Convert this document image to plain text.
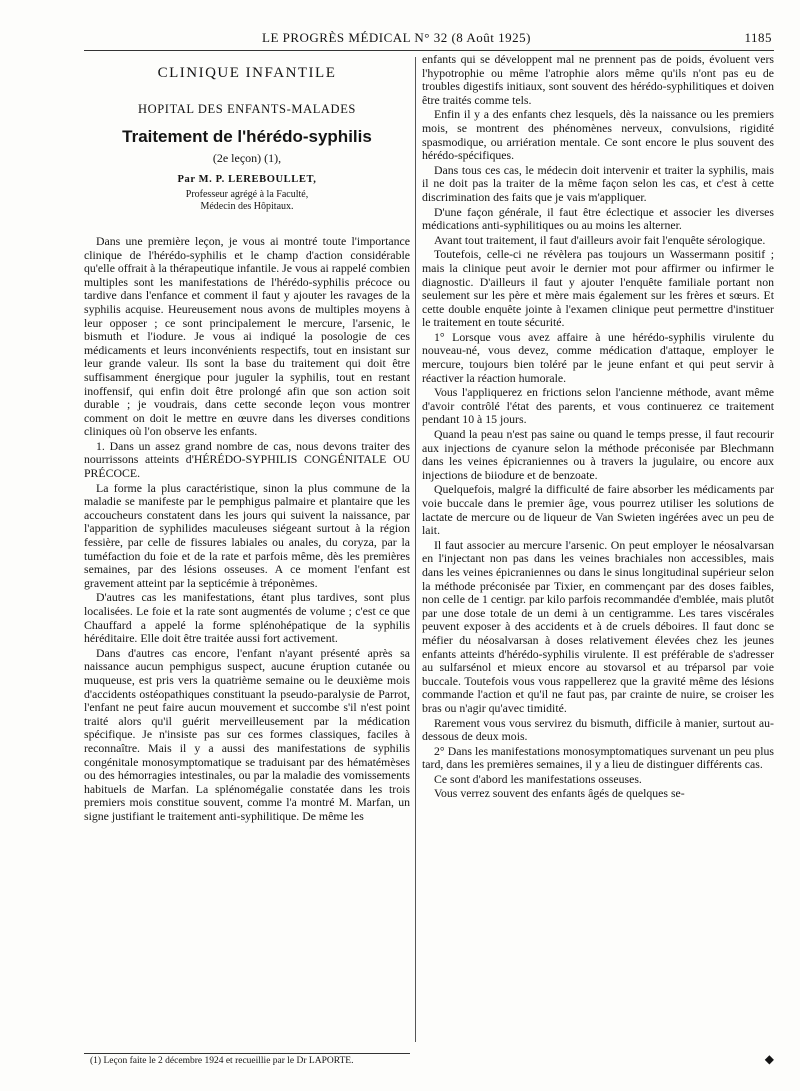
LE PROGRÈS MÉDICAL N° 32 (8 Août 1925)	1185
CLINIQUE INFANTILE
HOPITAL DES ENFANTS-MALADES
Traitement de l'hérédo-syphilis
(2e leçon) (1),
Par M. P. LEREBOULLET,
Professeur agrégé à la Faculté,
Médecin des Hôpitaux.

Dans une première leçon, je vous ai montré toute l'importance clinique de l'hérédo-syphilis et le champ d'action considérable qu'elle offrait à la thérapeutique infantile. Je vous ai rappelé combien multiples sont les manifestations de l'hérédo-syphilis précoce ou tardive dans l'enfance et comment il faut y ajouter les ravages de la syphilis acquise. Heureusement nous avons de multiples moyens à leur opposer ; ce sont principalement le mercure, l'arsenic, le bismuth et l'iodure. Je vous ai indiqué la posologie de ces médicaments et leurs inconvénients respectifs, tout en insistant sur leur grande valeur. Ils sont la base du traitement qui doit être suffisamment énergique pour juguler la syphilis, tout en restant inoffensif, qui enfin doit être prolongé afin que son action soit durable ; je voudrais, dans cette seconde leçon vous montrer comment on doit le mettre en œuvre dans les diverses conditions cliniques où l'on observe les enfants.

1. Dans un assez grand nombre de cas, nous devons traiter des nourrissons atteints d'HÉRÉDO-SYPHILIS CONGÉNITALE OU PRÉCOCE.

La forme la plus caractéristique, sinon la plus commune de la maladie se manifeste par le pemphigus palmaire et plantaire que les accoucheurs constatent dans les jours qui suivent la naissance, par l'apparition de syphilides maculeuses siégeant surtout à la région fessière, par celle de fissures labiales ou anales, du coryza, par la tuméfaction du foie et de la rate et parfois même, dès les premières semaines, par des lésions osseuses. A ce moment l'enfant est gravement atteint par la septicémie à tréponèmes.

D'autres cas les manifestations, étant plus tardives, sont plus localisées. Le foie et la rate sont augmentés de volume ; c'est ce que Chauffard a appelé la forme splénohépatique de la syphilis héréditaire. Elle doit être traitée aussi fort activement.

Dans d'autres cas encore, l'enfant n'ayant présenté après sa naissance aucun pemphigus suspect, aucune éruption cutanée ou muqueuse, est pris vers la quatrième semaine ou le deuxième mois d'accidents ostéopathiques constituant la pseudo-paralysie de Parrot, l'enfant ne peut faire aucun mouvement et succombe s'il n'est point traité alors qu'il guérit merveilleusement par la médication spécifique. Je n'insiste pas sur ces formes classiques, faciles à reconnaître. Mais il y a aussi des manifestations de syphilis congénitale monosymptomatique se traduisant par des hématémèses ou des hémorragies intestinales, ou par la maladie des vomissements habituels de Marfan. La splénomégalie constatée dans les trois premiers mois constitue souvent, comme l'a montré M. Marfan, un signe justifiant le traitement anti-syphilitique. De même les

enfants qui se développent mal ne prennent pas de poids, évoluent vers l'hypotrophie ou même l'atrophie alors même qu'ils n'ont pas eu de troubles digestifs initiaux, sont souvent des hérédo-syphilitiques et doiven être traités comme tels.

Enfin il y a des enfants chez lesquels, dès la naissance ou les premiers mois, se montrent des phénomènes nerveux, convulsions, rigidité spasmodique, ou arriération mentale. Ce sont encore le plus souvent des hérédo-spécifiques.

Dans tous ces cas, le médecin doit intervenir et traiter la syphilis, mais il ne doit pas la traiter de la même façon selon les cas, et c'est à cette discrimination des faits que je vais m'appliquer.

D'une façon générale, il faut être éclectique et associer les diverses médications anti-syphilitiques ou au moins les alterner.

Avant tout traitement, il faut d'ailleurs avoir fait l'enquête sérologique.

Toutefois, celle-ci ne révèlera pas toujours un Wassermann positif ; mais la clinique peut avoir le dernier mot pour affirmer ou infirmer le diagnostic. D'ailleurs il faut y ajouter l'enquête familiale portant non seulement sur les père et mère mais également sur les frères et sœurs. Et cette double enquête jointe à l'examen clinique peut permettre d'instituer le traitement en toute sécurité.

1° Lorsque vous avez affaire à une hérédo-syphilis virulente du nouveau-né, vous devez, comme médication d'attaque, employer le mercure, toujours bien toléré par le jeune enfant et qui peut servir à réactiver la réaction humorale.

Vous l'appliquerez en frictions selon l'ancienne méthode, avant même d'avoir contrôlé l'état des parents, et vous continuerez ce traitement pendant 10 à 15 jours.

Quand la peau n'est pas saine ou quand le temps presse, il faut recourir aux injections de cyanure selon la méthode préconisée par Blechmann dans les veines épicraniennes ou à travers la jugulaire, ou encore aux injections de biiodure et de benzoate.

Quelquefois, malgré la difficulté de faire absorber les médicaments par voie buccale dans le premier âge, vous pourrez utiliser les solutions de lactate de mercure ou de liqueur de Van Swieten ingérées avec un peu de lait.

Il faut associer au mercure l'arsenic. On peut employer le néosalvarsan en l'injectant non pas dans les veines brachiales non accessibles, mais dans les veines épicraniennes ou dans le sinus longitudinal supérieur selon la méthode préconisée par Tixier, en commençant par des doses faibles, non celle de 1 centigr. par kilo parfois recommandée d'emblée, mais plutôt par une dose totale de un demi à un centigramme. Les tares viscérales peuvent exposer à des accidents et à de cruels déboires. Il faut donc se méfier du néosalvarsan à doses relativement élevées chez les jeunes enfants atteints d'hérédo-syphilis virulente. Il est préférable de s'adresser au sulfarsénol et mieux encore au stovarsol et au tréparsol par voie buccale. Toutefois vous vous rappellerez que la gravité même des lésions commande l'action et qu'il ne faut pas, par crainte de nuire, se croiser les bras ou n'agir qu'avec timidité.

Rarement vous vous servirez du bismuth, difficile à manier, surtout au-dessous de deux mois.

2° Dans les manifestations monosymptomatiques survenant un peu plus tard, dans les premières semaines, il y a lieu de distinguer différents cas.

Ce sont d'abord les manifestations osseuses.

Vous verrez souvent des enfants âgés de quelques se-

(1) Leçon faite le 2 décembre 1924 et recueillie par le Dr LAPORTE.	◆
